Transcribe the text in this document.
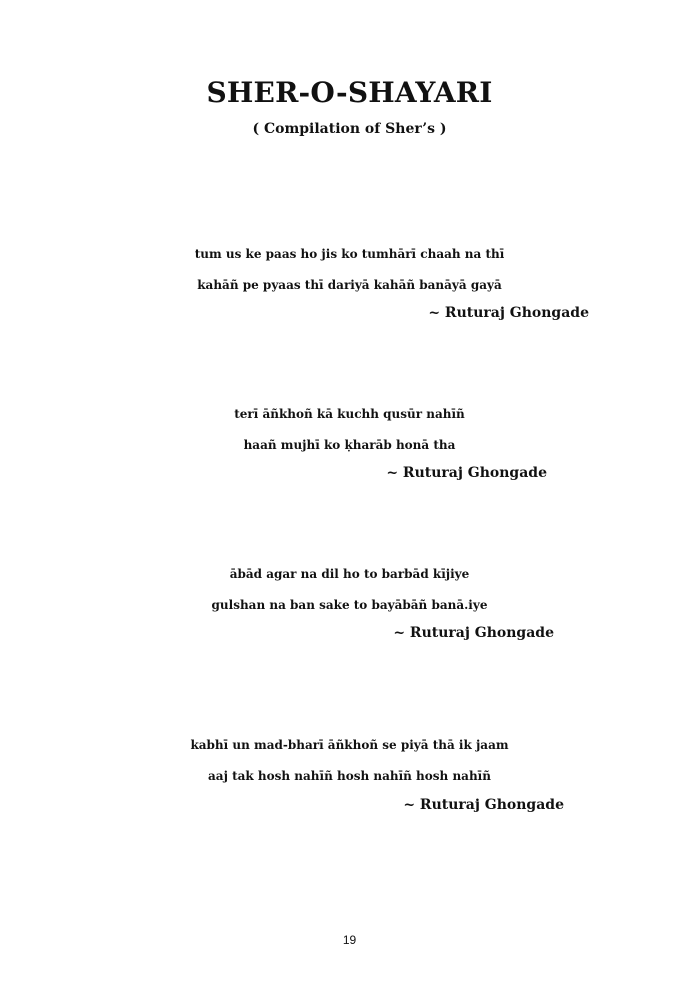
SHER-O-SHAYARI
( Compilation of Sher’s )
tum us ke paas ho jis ko tumhārī chaah na thī
kahāñ pe pyaas thī dariyā kahāñ banāyā gayā
~ Ruturaj Ghongade
terī āñkhoñ kā kuchh qusūr nahīñ
haañ mujhī ko ḳharāb honā tha
~ Ruturaj Ghongade
ābād agar na dil ho to barbād kījiye
gulshan na ban sake to bayābāñ banā.iye
~ Ruturaj Ghongade
kabhī un mad-bharī āñkhoñ se piyā thā ik jaam
aaj tak hosh nahīñ hosh nahīñ hosh nahīñ
~ Ruturaj Ghongade
19
